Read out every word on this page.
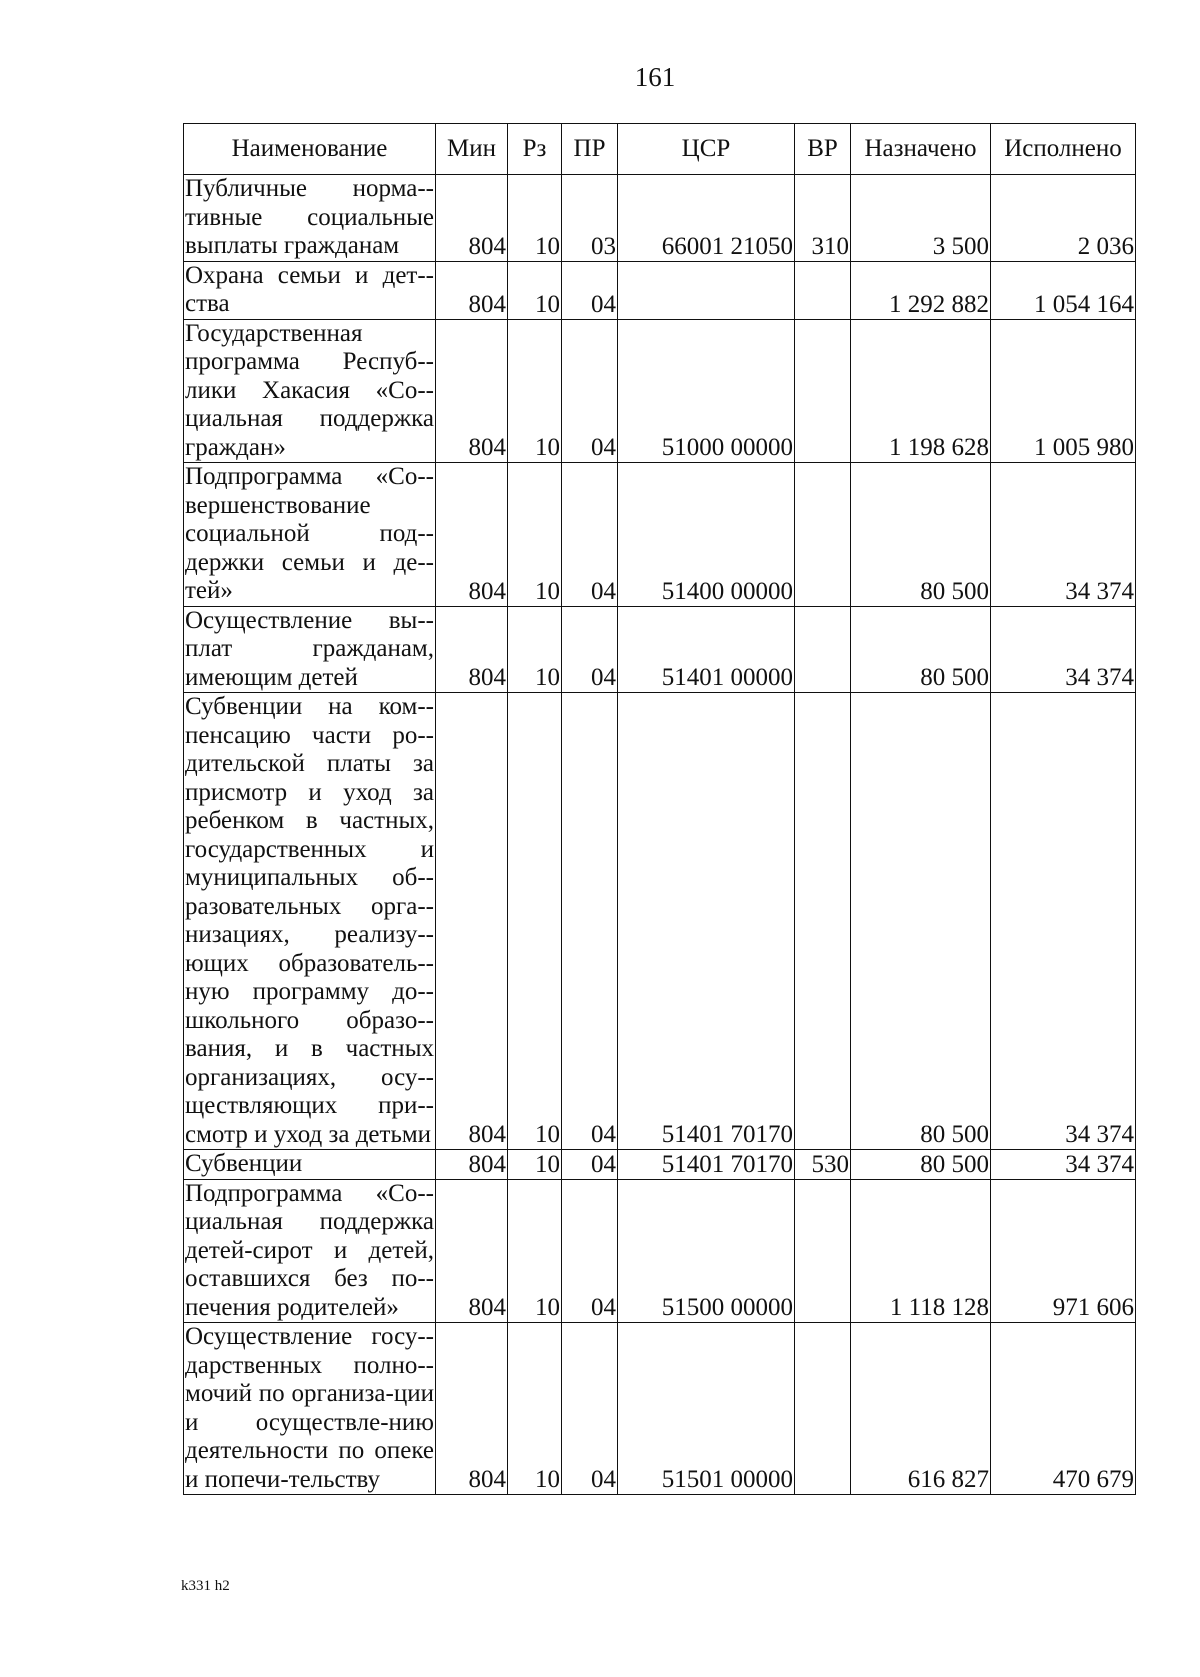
161
Наименование	Мин	Рз	ПР	ЦСР	ВР	Назначено	Исполнено
Публичные норма-тивные социальные выплаты гражданам	804	10	03	66001 21050	310	3 500	2 036
Охрана семьи и дет-ства	804	10	04			1 292 882	1 054 164
Государственная программа Респуб-лики Хакасия «Со-циальная поддержка граждан»	804	10	04	51000 00000		1 198 628	1 005 980
Подпрограмма «Со-вершенствование социальной под-держки семьи и де-тей»	804	10	04	51400 00000		80 500	34 374
Осуществление вы-плат гражданам, имеющим детей	804	10	04	51401 00000		80 500	34 374
Субвенции на ком-пенсацию части ро-дительской платы за присмотр и уход за ребенком в частных, государственных и муниципальных об-разовательных орга-низациях, реализу-ющих образователь-ную программу до-школьного образо-вания, и в частных организациях, осу-ществляющих при-смотр и уход за детьми	804	10	04	51401 70170		80 500	34 374
Субвенции	804	10	04	51401 70170	530	80 500	34 374
Подпрограмма «Со-циальная поддержка детей-сирот и детей, оставшихся без по-печения родителей»	804	10	04	51500 00000		1 118 128	971 606
Осуществление госу-дарственных полно-мочий по организа-ции и осуществле-нию деятельности по опеке и попечи-тельству	804	10	04	51501 00000		616 827	470 679
k331 h2
